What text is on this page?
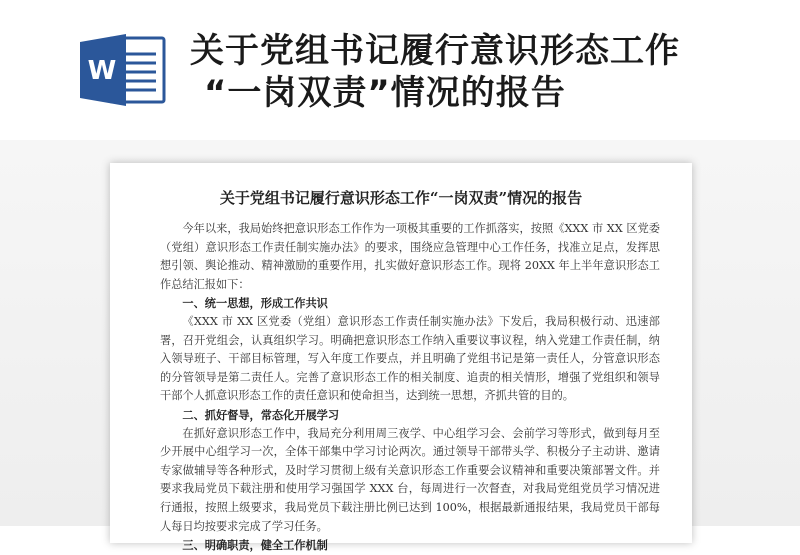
W 关于党组书记履行意识形态工作
“一岗双责”情况的报告
关于党组书记履行意识形态工作“一岗双责”情况的报告

今年以来，我局始终把意识形态工作作为一项极其重要的工作抓落实，按照《XXX 市 XX 区党委（党组）意识形态工作责任制实施办法》的要求，围绕应急管理中心工作任务，找准立足点，发挥思想引领、舆论推动、精神激励的重要作用，扎实做好意识形态工作。现将 20XX 年上半年意识形态工作总结汇报如下：

一、统一思想，形成工作共识

《XXX 市 XX 区党委（党组）意识形态工作责任制实施办法》下发后，我局积极行动、迅速部署，召开党组会，认真组织学习。明确把意识形态工作纳入重要议事议程，纳入党建工作责任制，纳入领导班子、干部目标管理，写入年度工作要点，并且明确了党组书记是第一责任人，分管意识形态的分管领导是第二责任人。完善了意识形态工作的相关制度、追责的相关情形，增强了党组织和领导干部个人抓意识形态工作的责任意识和使命担当，达到统一思想，齐抓共管的目的。

二、抓好督导，常态化开展学习

在抓好意识形态工作中，我局充分利用周三夜学、中心组学习会、会前学习等形式，做到每月至少开展中心组学习一次，全体干部集中学习讨论两次。通过领导干部带头学、积极分子主动讲、邀请专家做辅导等各种形式，及时学习贯彻上级有关意识形态工作重要会议精神和重要决策部署文件。并要求我局党员下载注册和使用学习强国学 XXX 台，每周进行一次督查，对我局党组党员学习情况进行通报，按照上级要求，我局党员下载注册比例已达到 100%，根据最新通报结果，我局党员干部每人每日均按要求完成了学习任务。

三、明确职责，健全工作机制
